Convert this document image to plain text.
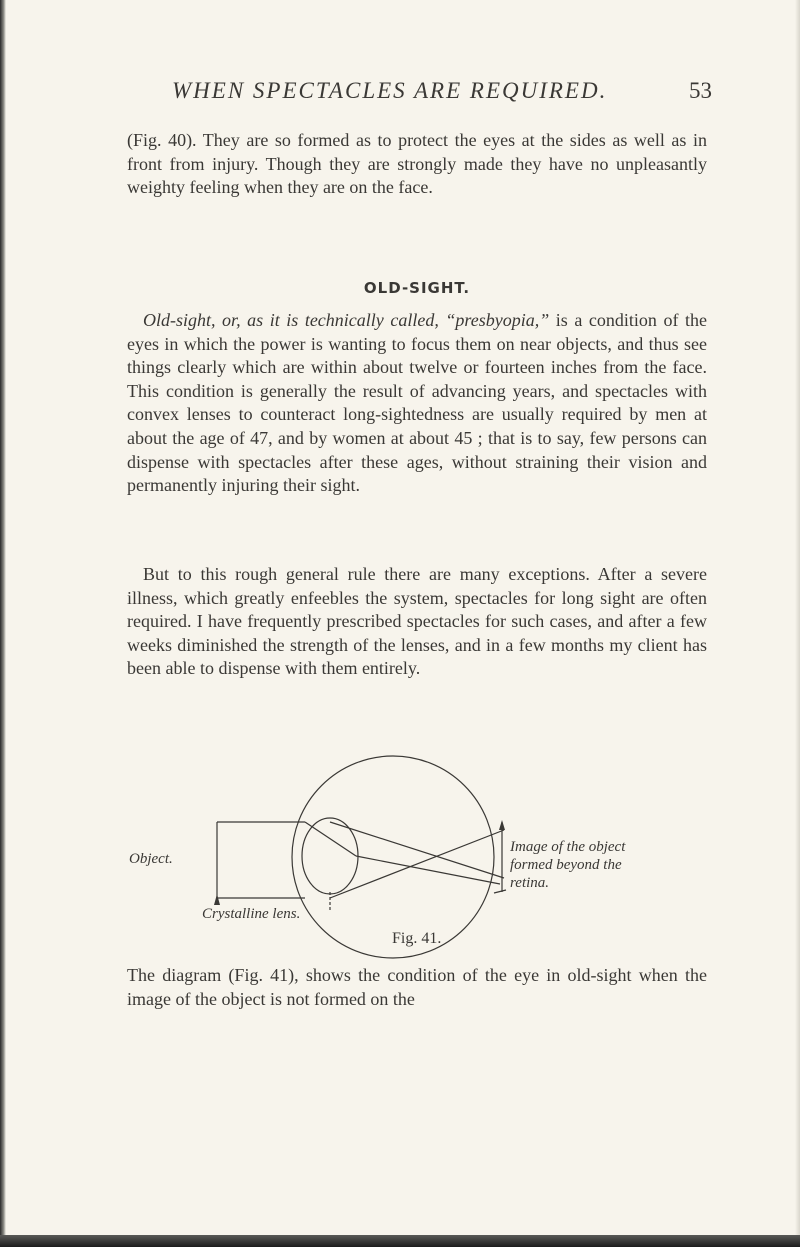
WHEN SPECTACLES ARE REQUIRED.	53
(Fig. 40). They are so formed as to protect the eyes at the sides as well as in front from injury. Though they are strongly made they have no unpleasantly weighty feeling when they are on the face.
OLD-SIGHT.
Old-sight, or, as it is technically called, “presbyopia,” is a condition of the eyes in which the power is wanting to focus them on near objects, and thus see things clearly which are within about twelve or fourteen inches from the face. This condition is generally the result of advancing years, and spectacles with convex lenses to counteract long-sightedness are usually required by men at about the age of 47, and by women at about 45 ; that is to say, few persons can dispense with spectacles after these ages, without straining their vision and permanently injuring their sight.
But to this rough general rule there are many exceptions. After a severe illness, which greatly enfeebles the system, spectacles for long sight are often required. I have frequently prescribed spectacles for such cases, and after a few weeks diminished the strength of the lenses, and in a few months my client has been able to dispense with them entirely.
Object.
Image of the object
formed beyond the
retina.
Crystalline lens.
Fig. 41.
The diagram (Fig. 41), shows the condition of the eye in old-sight when the image of the object is not formed on the
